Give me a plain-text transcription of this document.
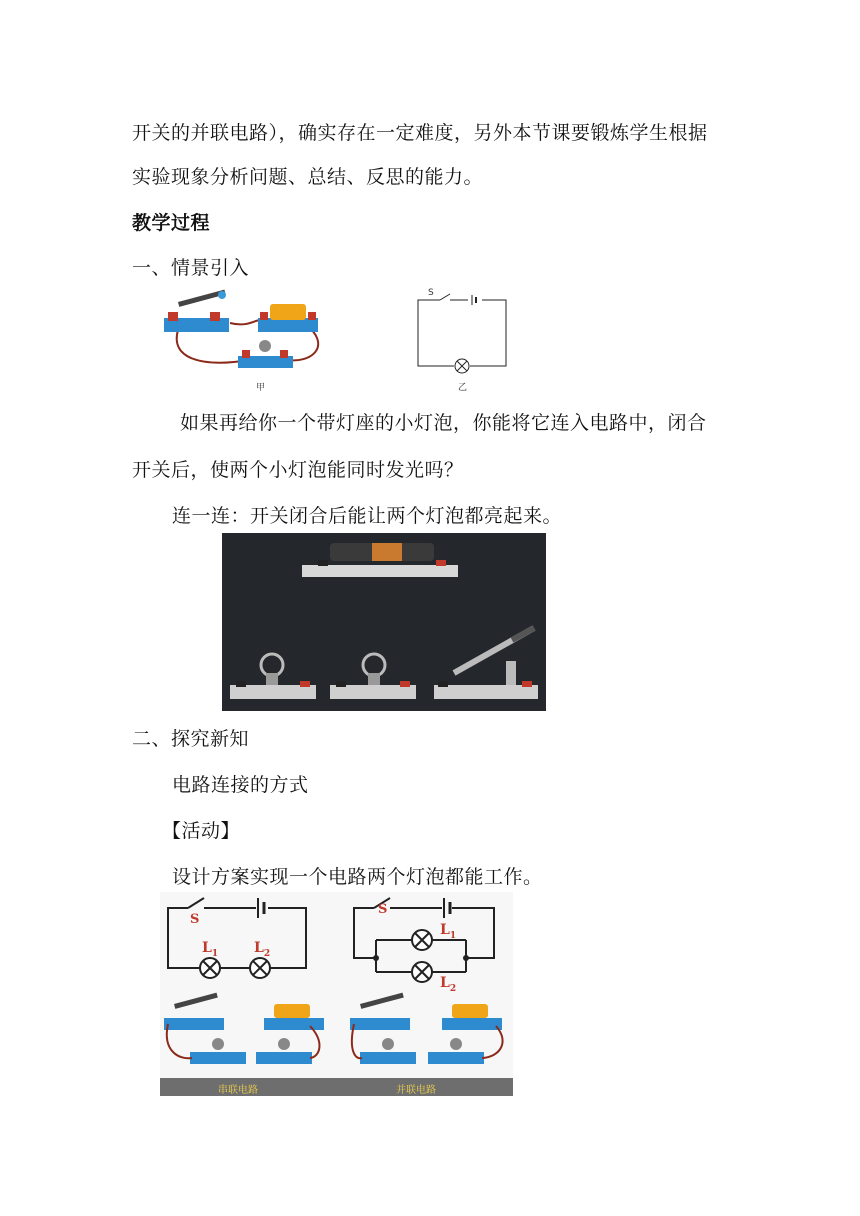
开关的并联电路），确实存在一定难度，另外本节课要锻炼学生根据
实验现象分析问题、总结、反思的能力。
教学过程
一、情景引入
甲
S
乙
如果再给你一个带灯座的小灯泡，你能将它连入电路中，闭合
开关后，使两个小灯泡能同时发光吗？
连一连：开关闭合后能让两个灯泡都亮起来。
二、探究新知
电路连接的方式
【活动】
设计方案实现一个电路两个灯泡都能工作。
S
$L_1$	$L_2$
S
$L_1$
$L_2$
串联电路	并联电路
